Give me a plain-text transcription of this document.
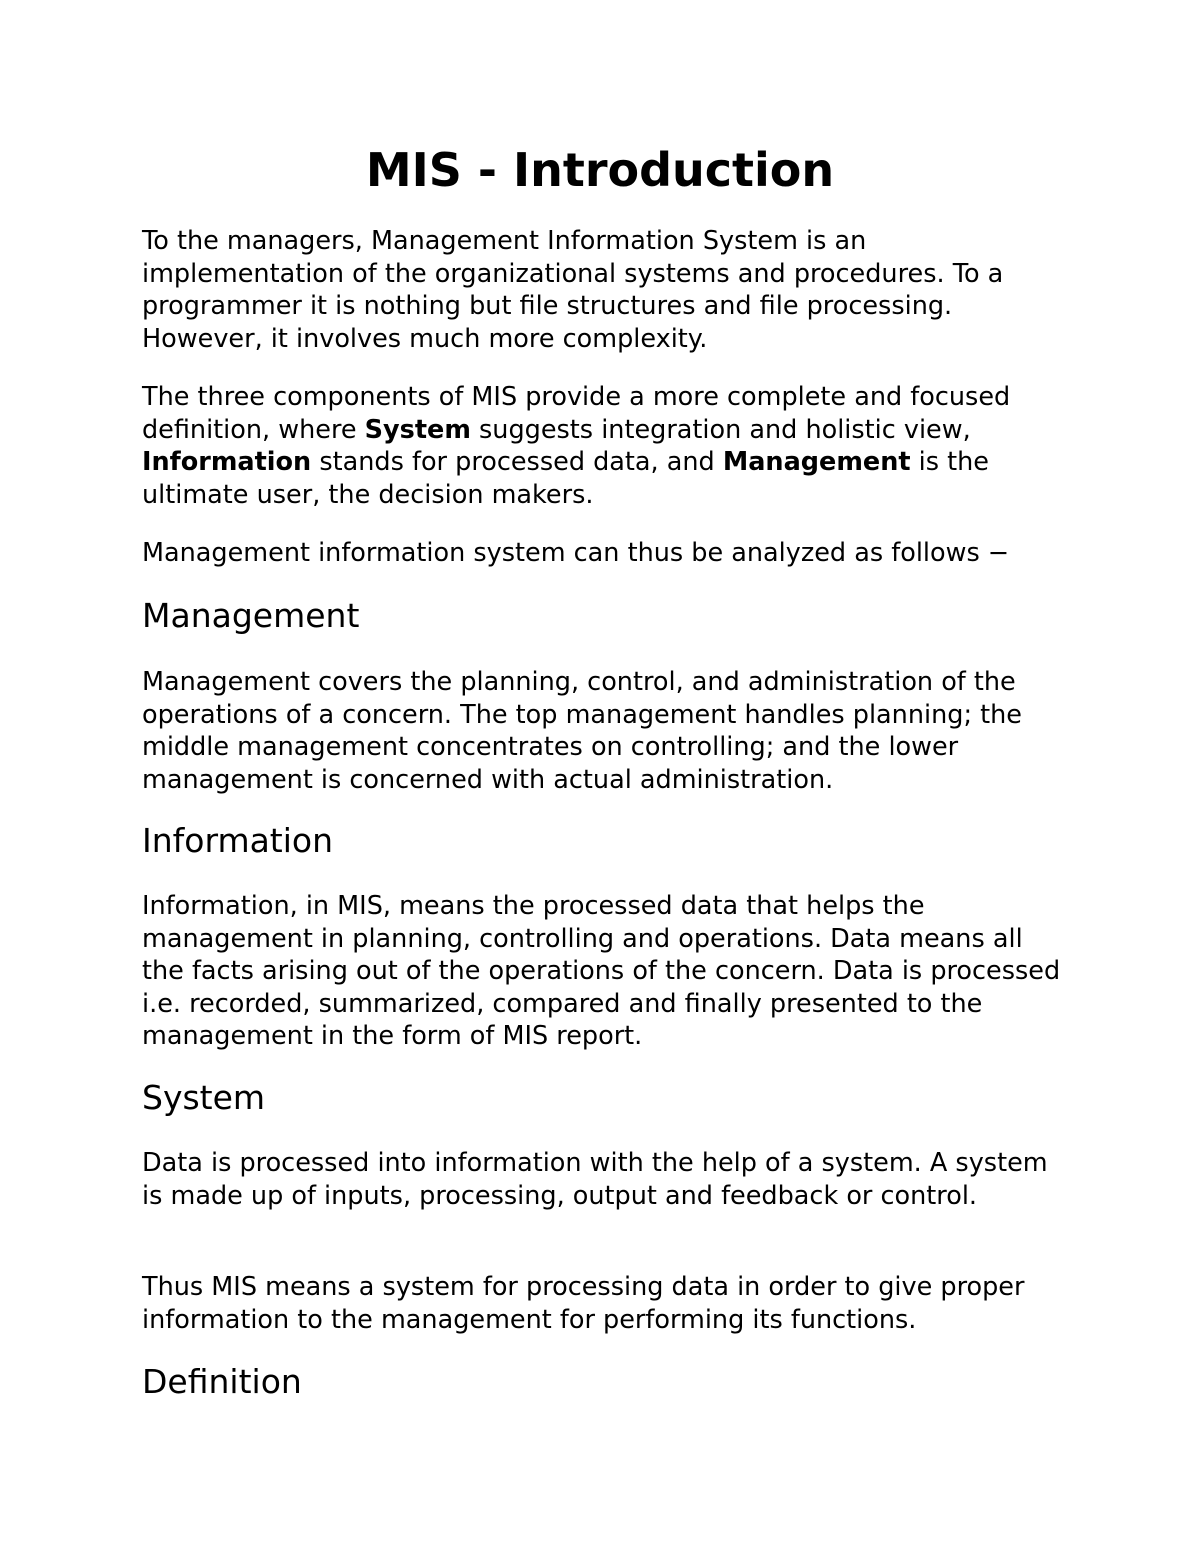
MIS - Introduction

To the managers, Management Information System is an implementation of the organizational systems and procedures. To a programmer it is nothing but file structures and file processing. However, it involves much more complexity.

The three components of MIS provide a more complete and focused definition, where System suggests integration and holistic view, Information stands for processed data, and Management is the ultimate user, the decision makers.

Management information system can thus be analyzed as follows −

Management

Management covers the planning, control, and administration of the operations of a concern. The top management handles planning; the middle management concentrates on controlling; and the lower management is concerned with actual administration.

Information

Information, in MIS, means the processed data that helps the management in planning, controlling and operations. Data means all the facts arising out of the operations of the concern. Data is processed i.e. recorded, summarized, compared and finally presented to the management in the form of MIS report.

System

Data is processed into information with the help of a system. A system is made up of inputs, processing, output and feedback or control.

Thus MIS means a system for processing data in order to give proper information to the management for performing its functions.

Definition
